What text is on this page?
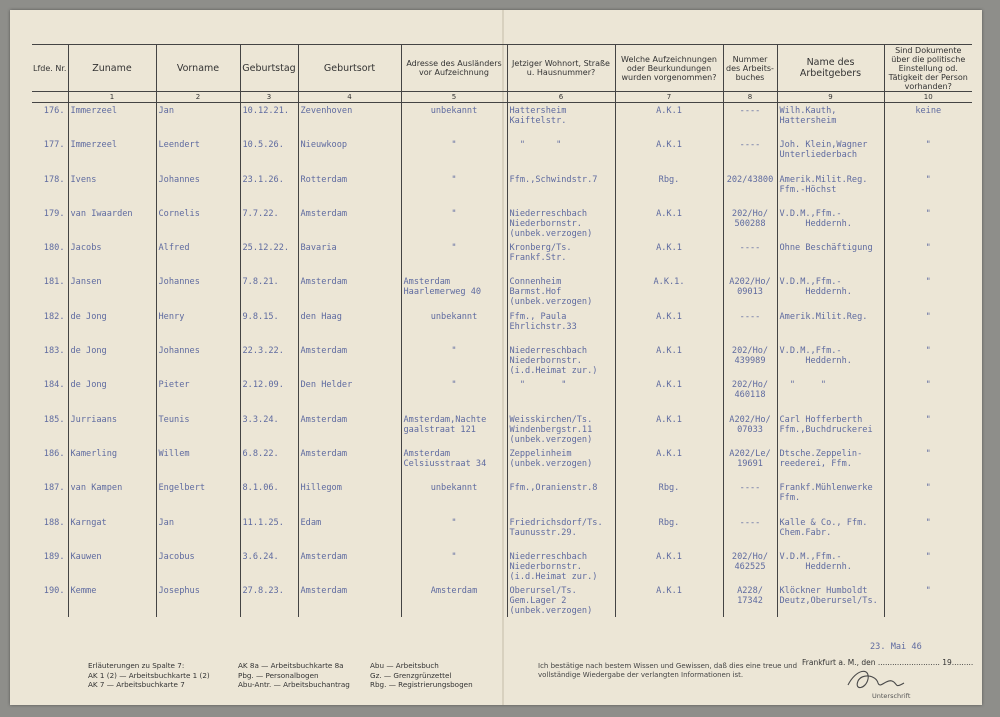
Lfde. Nr.	Zuname	Vorname	Geburtstag	Geburtsort	Adresse des Ausländers vor Aufzeichnung	Jetziger Wohnort, Straße u. Hausnummer?	Welche Aufzeichnungen oder Beurkundungen wurden vorgenommen?	Nummer des Arbeits-buches	Name des Arbeitgebers	Sind Dokumente über die politische Einstellung od. Tätigkeit der Person vorhanden?
	1	2	3	4	5	6	7	8	9	10

176.	Immerzeel	Jan	10.12.21.	Zevenhoven	unbekannt	Hattersheim
Kaiftelstr.	A.K.1	----	Wilh.Kauth,
Hattersheim	keine

177.	Immerzeel	Leendert	10.5.26.	Nieuwkoop	"	"      "	A.K.1	----	Joh. Klein,Wagner
Unterliederbach	"

178.	Ivens	Johannes	23.1.26.	Rotterdam	"	Ffm.,Schwindstr.7	Rbg.	202/43800	Amerik.Milit.Reg.
Ffm.-Höchst	"

179.	van Iwaarden	Cornelis	7.7.22.	Amsterdam	"	Niederreschbach
Niederbornstr.
(unbek.verzogen)	A.K.1	202/Ho/
500288	V.D.M.,Ffm.-
Heddernh.	"

180.	Jacobs	Alfred	25.12.22.	Bavaria	"	Kronberg/Ts.
Frankf.Str.	A.K.1	----	Ohne Beschäftigung	"

181.	Jansen	Johannes	7.8.21.	Amsterdam	Amsterdam
Haarlemerweg 40	Connenheim
Barmst.Hof
(unbek.verzogen)	A.K.1.	A202/Ho/
09013	V.D.M.,Ffm.-
Heddernh.	"

182.	de Jong	Henry	9.8.15.	den Haag	unbekannt	Ffm., Paula
Ehrlichstr.33	A.K.1	----	Amerik.Milit.Reg.	"

183.	de Jong	Johannes	22.3.22.	Amsterdam	"	Niederreschbach
Niederbornstr.
(i.d.Heimat zur.)	A.K.1	202/Ho/
439989	V.D.M.,Ffm.-
Heddernh.	"

184.	de Jong	Pieter	2.12.09.	Den Helder	"	"       "	A.K.1	202/Ho/
460118	"     "	"

185.	Jurriaans	Teunis	3.3.24.	Amsterdam	Amsterdam,Nachte
gaalstraat 121	Weisskirchen/Ts.
Windenbergstr.11
(unbek.verzogen)	A.K.1	A202/Ho/
07033	Carl Hofferberth
Ffm.,Buchdruckerei	"

186.	Kamerling	Willem	6.8.22.	Amsterdam	Amsterdam
Celsiusstraat 34	Zeppelinheim
(unbek.verzogen)	A.K.1	A202/Le/
19691	Dtsche.Zeppelin-
reederei, Ffm.	"

187.	van Kampen	Engelbert	8.1.06.	Hillegom	unbekannt	Ffm.,Oranienstr.8	Rbg.	----	Frankf.Mühlenwerke
Ffm.	"

188.	Karngat	Jan	11.1.25.	Edam	"	Friedrichsdorf/Ts.
Taunusstr.29.	Rbg.	----	Kalle & Co., Ffm.
Chem.Fabr.	"

189.	Kauwen	Jacobus	3.6.24.	Amsterdam	"	Niederreschbach
Niederbornstr.
(i.d.Heimat zur.)	A.K.1	202/Ho/
462525	V.D.M.,Ffm.-
Heddernh.	"

190.	Kemme	Josephus	27.8.23.	Amsterdam	Amsterdam	Oberursel/Ts.
Gem.Lager 2
(unbek.verzogen)	A.K.1	A228/
17342	Klöckner Humboldt
Deutz,Oberursel/Ts.	"
Erläuterungen zu Spalte 7:
AK 1 (2) — Arbeitsbuchkarte 1 (2)
AK 7 — Arbeitsbuchkarte 7
AK 8a — Arbeitsbuchkarte 8a
Pbg. — Personalbogen
Abu-Antr. — Arbeitsbuchantrag
Abu — Arbeitsbuch
Gz. — Grenzgrünzettel
Rbg. — Registrierungsbogen
Ich bestätige nach bestem Wissen und Gewissen, daß dies eine treue und vollständige Wiedergabe der verlangten Informationen ist.
23. Mai 46
Frankfurt a. M., den .......................... 19.........
Unterschrift
